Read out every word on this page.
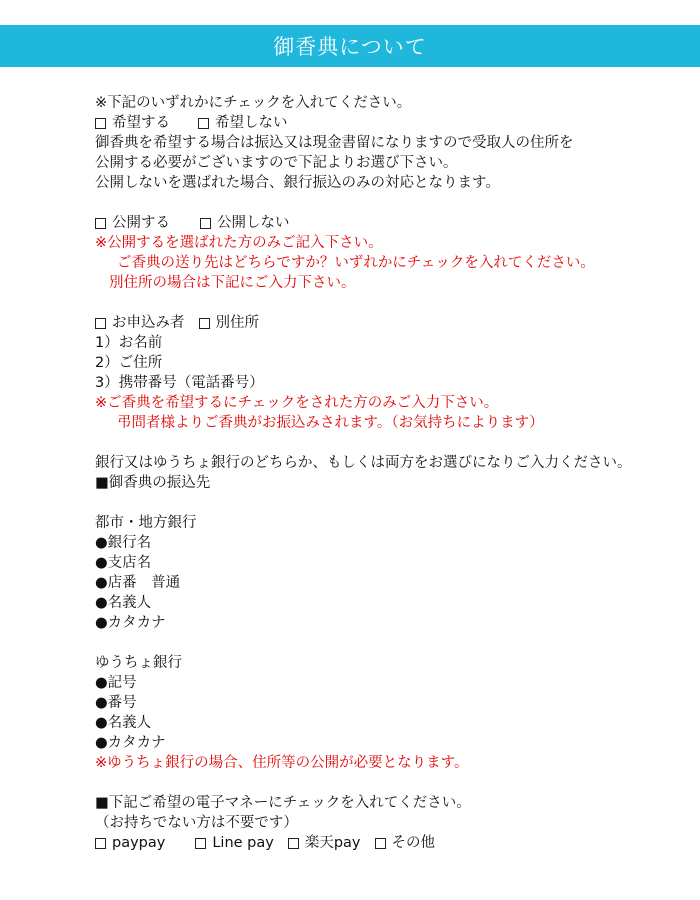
御香典について
※下記のいずれかにチェックを入れてください。
希望する	希望しない
御香典を希望する場合は振込又は現金書留になりますので受取人の住所を
公開する必要がございますので下記よりお選び下さい。
公開しないを選ばれた場合、銀行振込のみの対応となります。
公開する	公開しない
※公開するを選ばれた方のみご記入下さい。
ご香典の送り先はどちらですか？いずれかにチェックを入れてください。
別住所の場合は下記にご入力下さい。
お申込み者 別住所
1）お名前
2）ご住所
3）携帯番号（電話番号）
※ご香典を希望するにチェックをされた方のみご入力下さい。
弔問者様よりご香典がお振込みされます。（お気持ちによります）
銀行又はゆうちょ銀行のどちらか、もしくは両方をお選びになりご入力ください。
■御香典の振込先
都市・地方銀行
●銀行名
●支店名
●店番　普通
●名義人
●カタカナ
ゆうちょ銀行
●記号
●番号
●名義人
●カタカナ
※ゆうちょ銀行の場合、住所等の公開が必要となります。
■下記ご希望の電子マネーにチェックを入れてください。
（お持ちでない方は不要です）
paypay	Line pay 楽天pay その他
